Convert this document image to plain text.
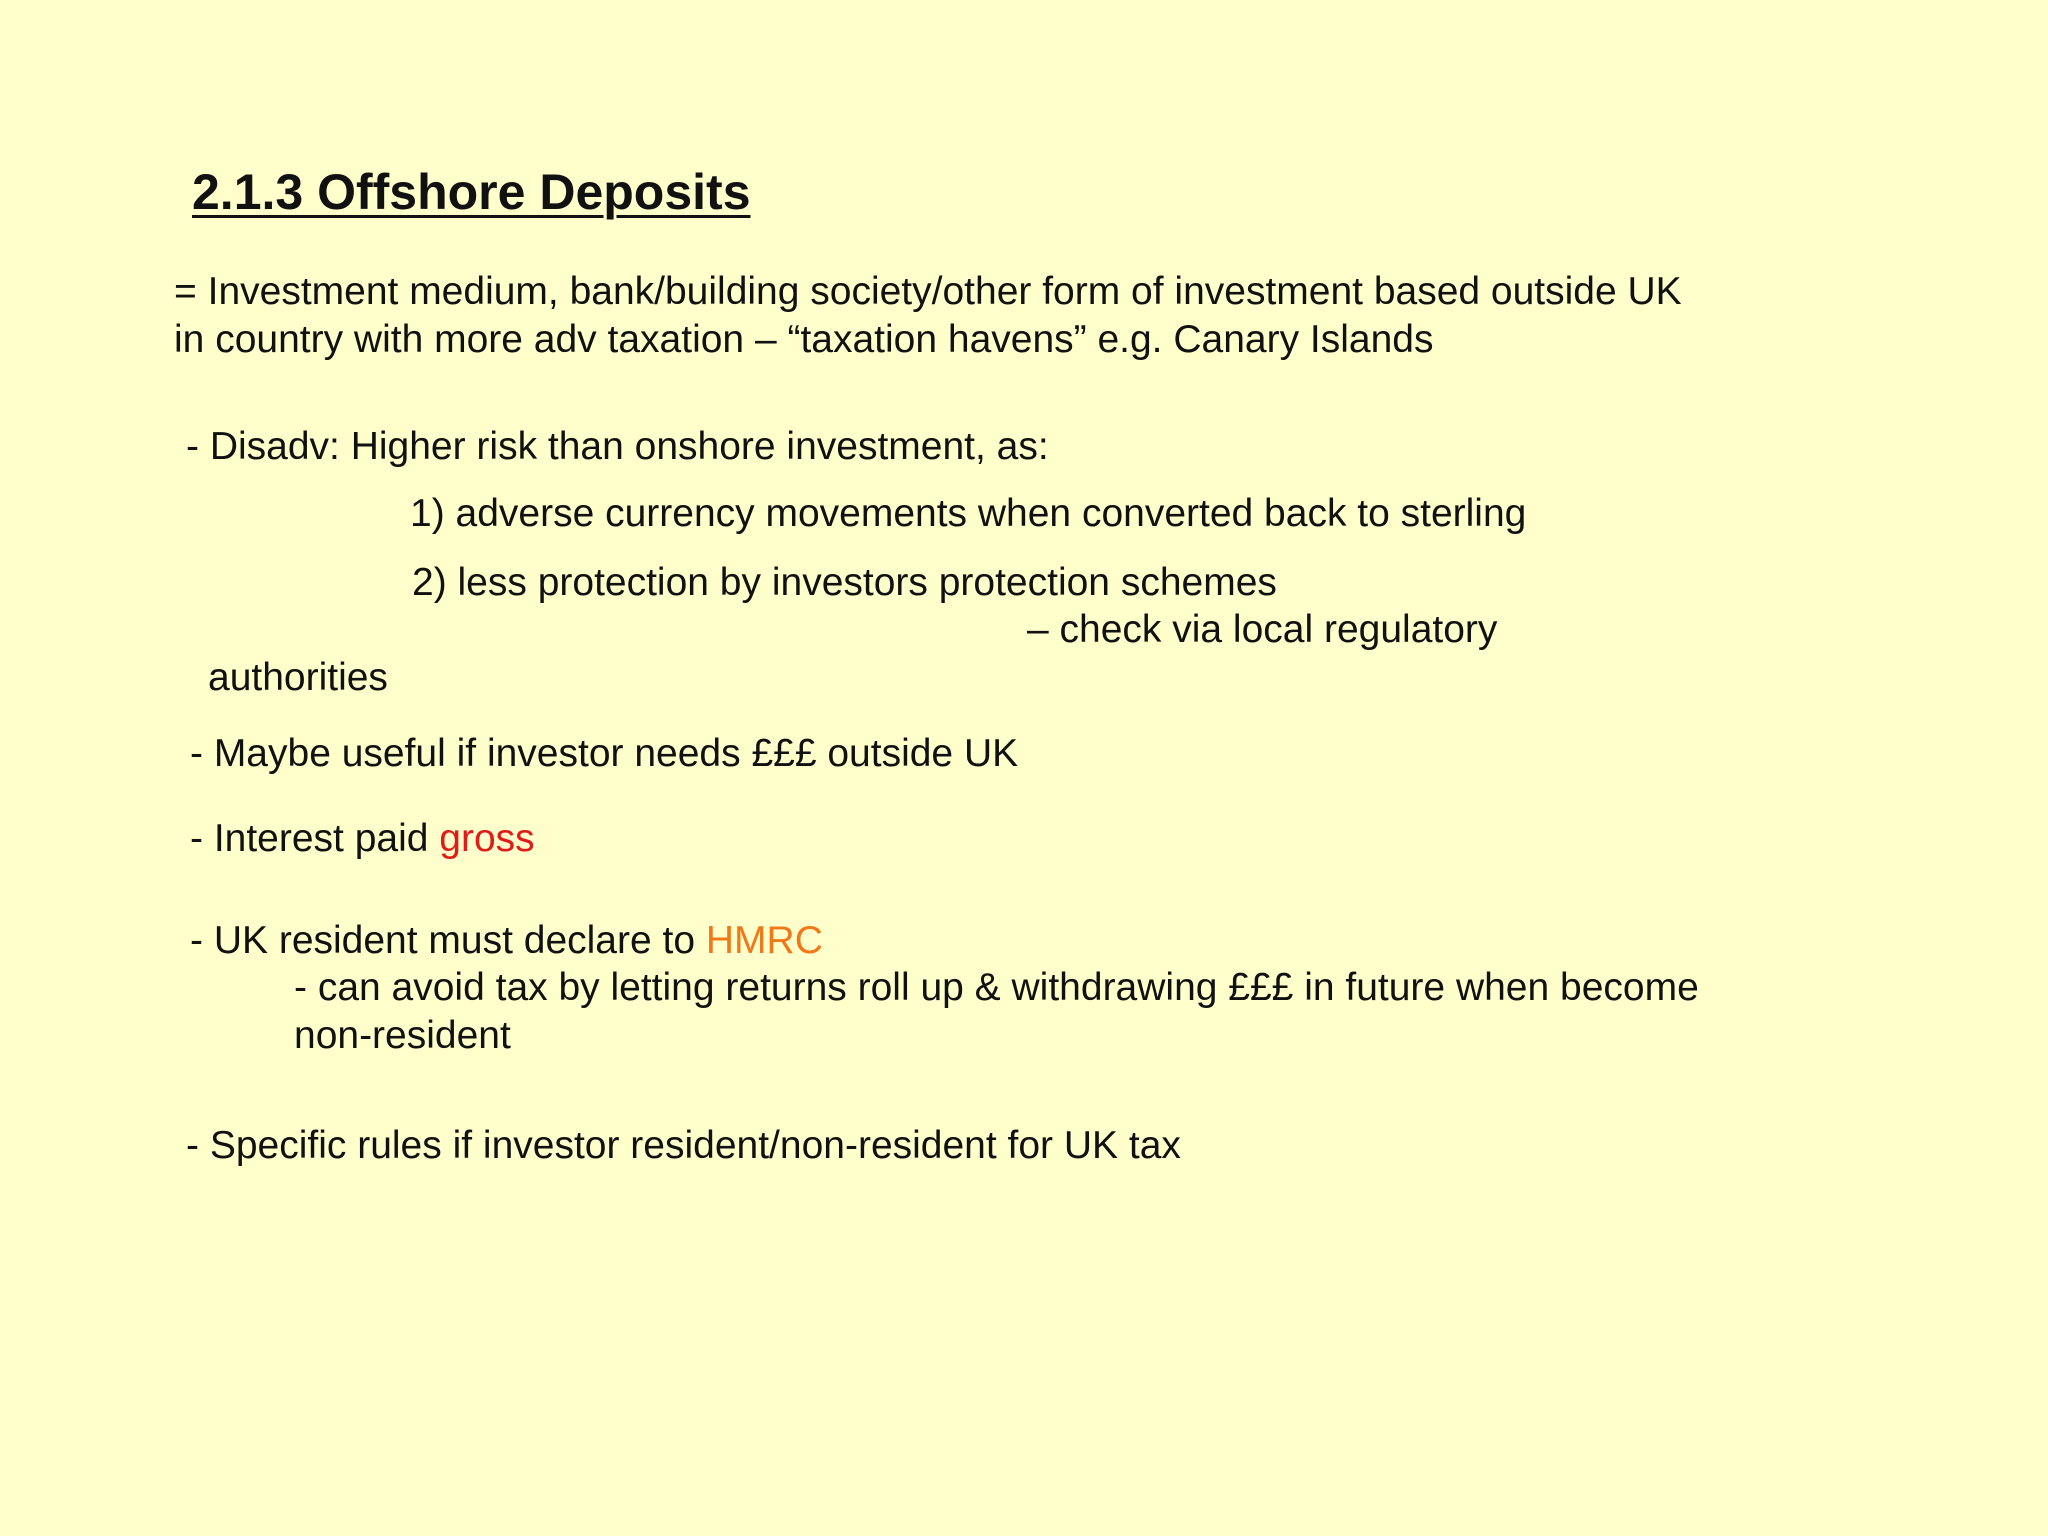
2.1.3 Offshore Deposits

= Investment medium, bank/building society/other form of investment based outside UK

in country with more adv taxation – “taxation havens” e.g. Canary Islands

- Disadv: Higher risk than onshore investment, as:

1) adverse currency movements when converted back to sterling

2) less protection by investors protection schemes

– check via local regulatory

authorities

- Maybe useful if investor needs £££ outside UK

- Interest paid gross

- UK resident must declare to HMRC

- can avoid tax by letting returns roll up & withdrawing £££ in future when become

non-resident

- Specific rules if investor resident/non-resident for UK tax
